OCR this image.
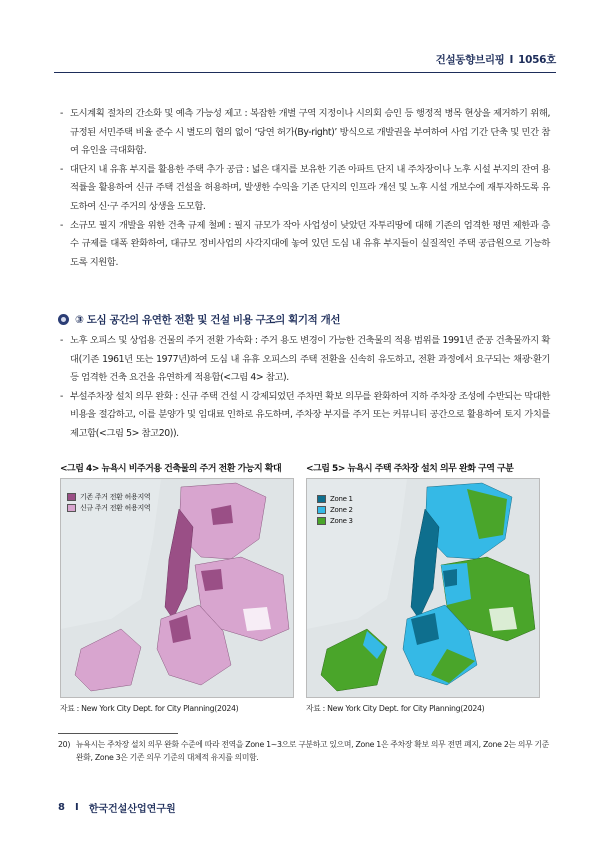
건설동향브리핑 I 1056호
- 도시계획 절차의 간소화 및 예측 가능성 제고 : 복잡한 개별 구역 지정이나 시의회 승인 등 행정적 병목 현상을 제거하기 위해, 규정된 서민주택 비율 준수 시 별도의 협의 없이 ‘당연 허가(By-right)’ 방식으로 개발권을 부여하여 사업 기간 단축 및 민간 참여 유인을 극대화함.
- 대단지 내 유휴 부지를 활용한 주택 추가 공급 : 넓은 대지를 보유한 기존 아파트 단지 내 주차장이나 노후 시설 부지의 잔여 용적률을 활용하여 신규 주택 건설을 허용하며, 발생한 수익을 기존 단지의 인프라 개선 및 노후 시설 개보수에 재투자하도록 유도하여 신·구 주거의 상생을 도모함.
- 소규모 필지 개발을 위한 건축 규제 철폐 : 필지 규모가 작아 사업성이 낮았던 자투리땅에 대해 기존의 엄격한 평면 제한과 층수 규제를 대폭 완화하여, 대규모 정비사업의 사각지대에 놓여 있던 도심 내 유휴 부지들이 실질적인 주택 공급원으로 기능하도록 지원함.
③ 도심 공간의 유연한 전환 및 건설 비용 구조의 획기적 개선
- 노후 오피스 및 상업용 건물의 주거 전환 가속화 : 주거 용도 변경이 가능한 건축물의 적용 범위를 1991년 준공 건축물까지 확대(기존 1961년 또는 1977년)하여 도심 내 유휴 오피스의 주택 전환을 신속히 유도하고, 전환 과정에서 요구되는 채광·환기 등 엄격한 건축 요건을 유연하게 적용함(<그림 4> 참고).
- 부설주차장 설치 의무 완화 : 신규 주택 건설 시 강제되었던 주차면 확보 의무를 완화하여 지하 주차장 조성에 수반되는 막대한 비용을 절감하고, 이를 분양가 및 임대료 인하로 유도하며, 주차장 부지를 주거 또는 커뮤니티 공간으로 활용하여 토지 가치를 제고함(<그림 5> 참고20)).
<그림 4> 뉴욕시 비주거용 건축물의 주거 전환 가능지 확대	<그림 5> 뉴욕시 주택 주차장 설치 의무 완화 구역 구분
기존 주거 전환 허용지역
신규 주거 전환 허용지역
Zone 1
Zone 2
Zone 3
자료 : New York City Dept. for City Planning(2024)	자료 : New York City Dept. for City Planning(2024)
20) 뉴욕시는 주차장 설치 의무 완화 수준에 따라 전역을 Zone 1~3으로 구분하고 있으며, Zone 1은 주차장 확보 의무 전면 폐지, Zone 2는 의무 기준 완화, Zone 3은 기존 의무 기준의 대체적 유지를 의미함.
8 I 한국건설산업연구원
